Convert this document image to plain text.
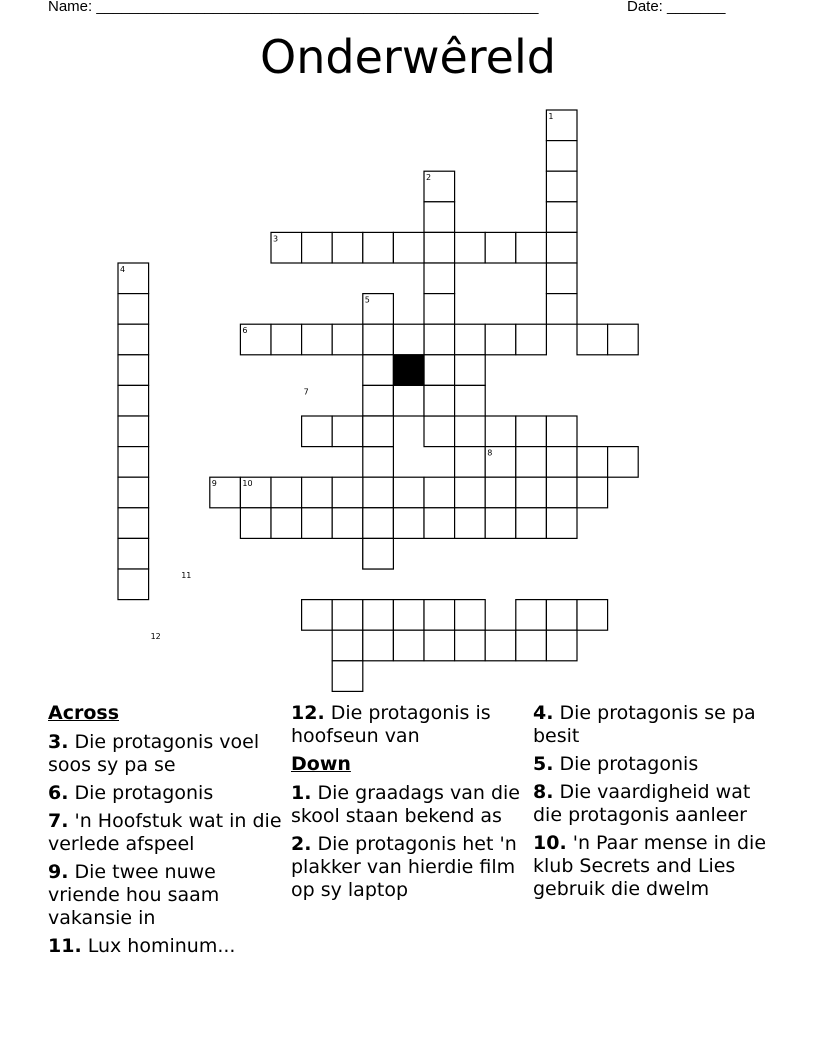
Name: _____________________________________________________	Date: _______
Onderwêreld
1
2
3
4
5
6
7
8
9	10
11
12
Across
3. Die protagonis voel soos sy pa se
6. Die protagonis
7. 'n Hoofstuk wat in die verlede afspeel
9. Die twee nuwe vriende hou saam vakansie in
11. Lux hominum...
12. Die protagonis is hoofseun van
Down
1. Die graadags van die skool staan bekend as
2. Die protagonis het 'n plakker van hierdie film op sy laptop
4. Die protagonis se pa besit
5. Die protagonis
8. Die vaardigheid wat die protagonis aanleer
10. 'n Paar mense in die klub Secrets and Lies gebruik die dwelm
